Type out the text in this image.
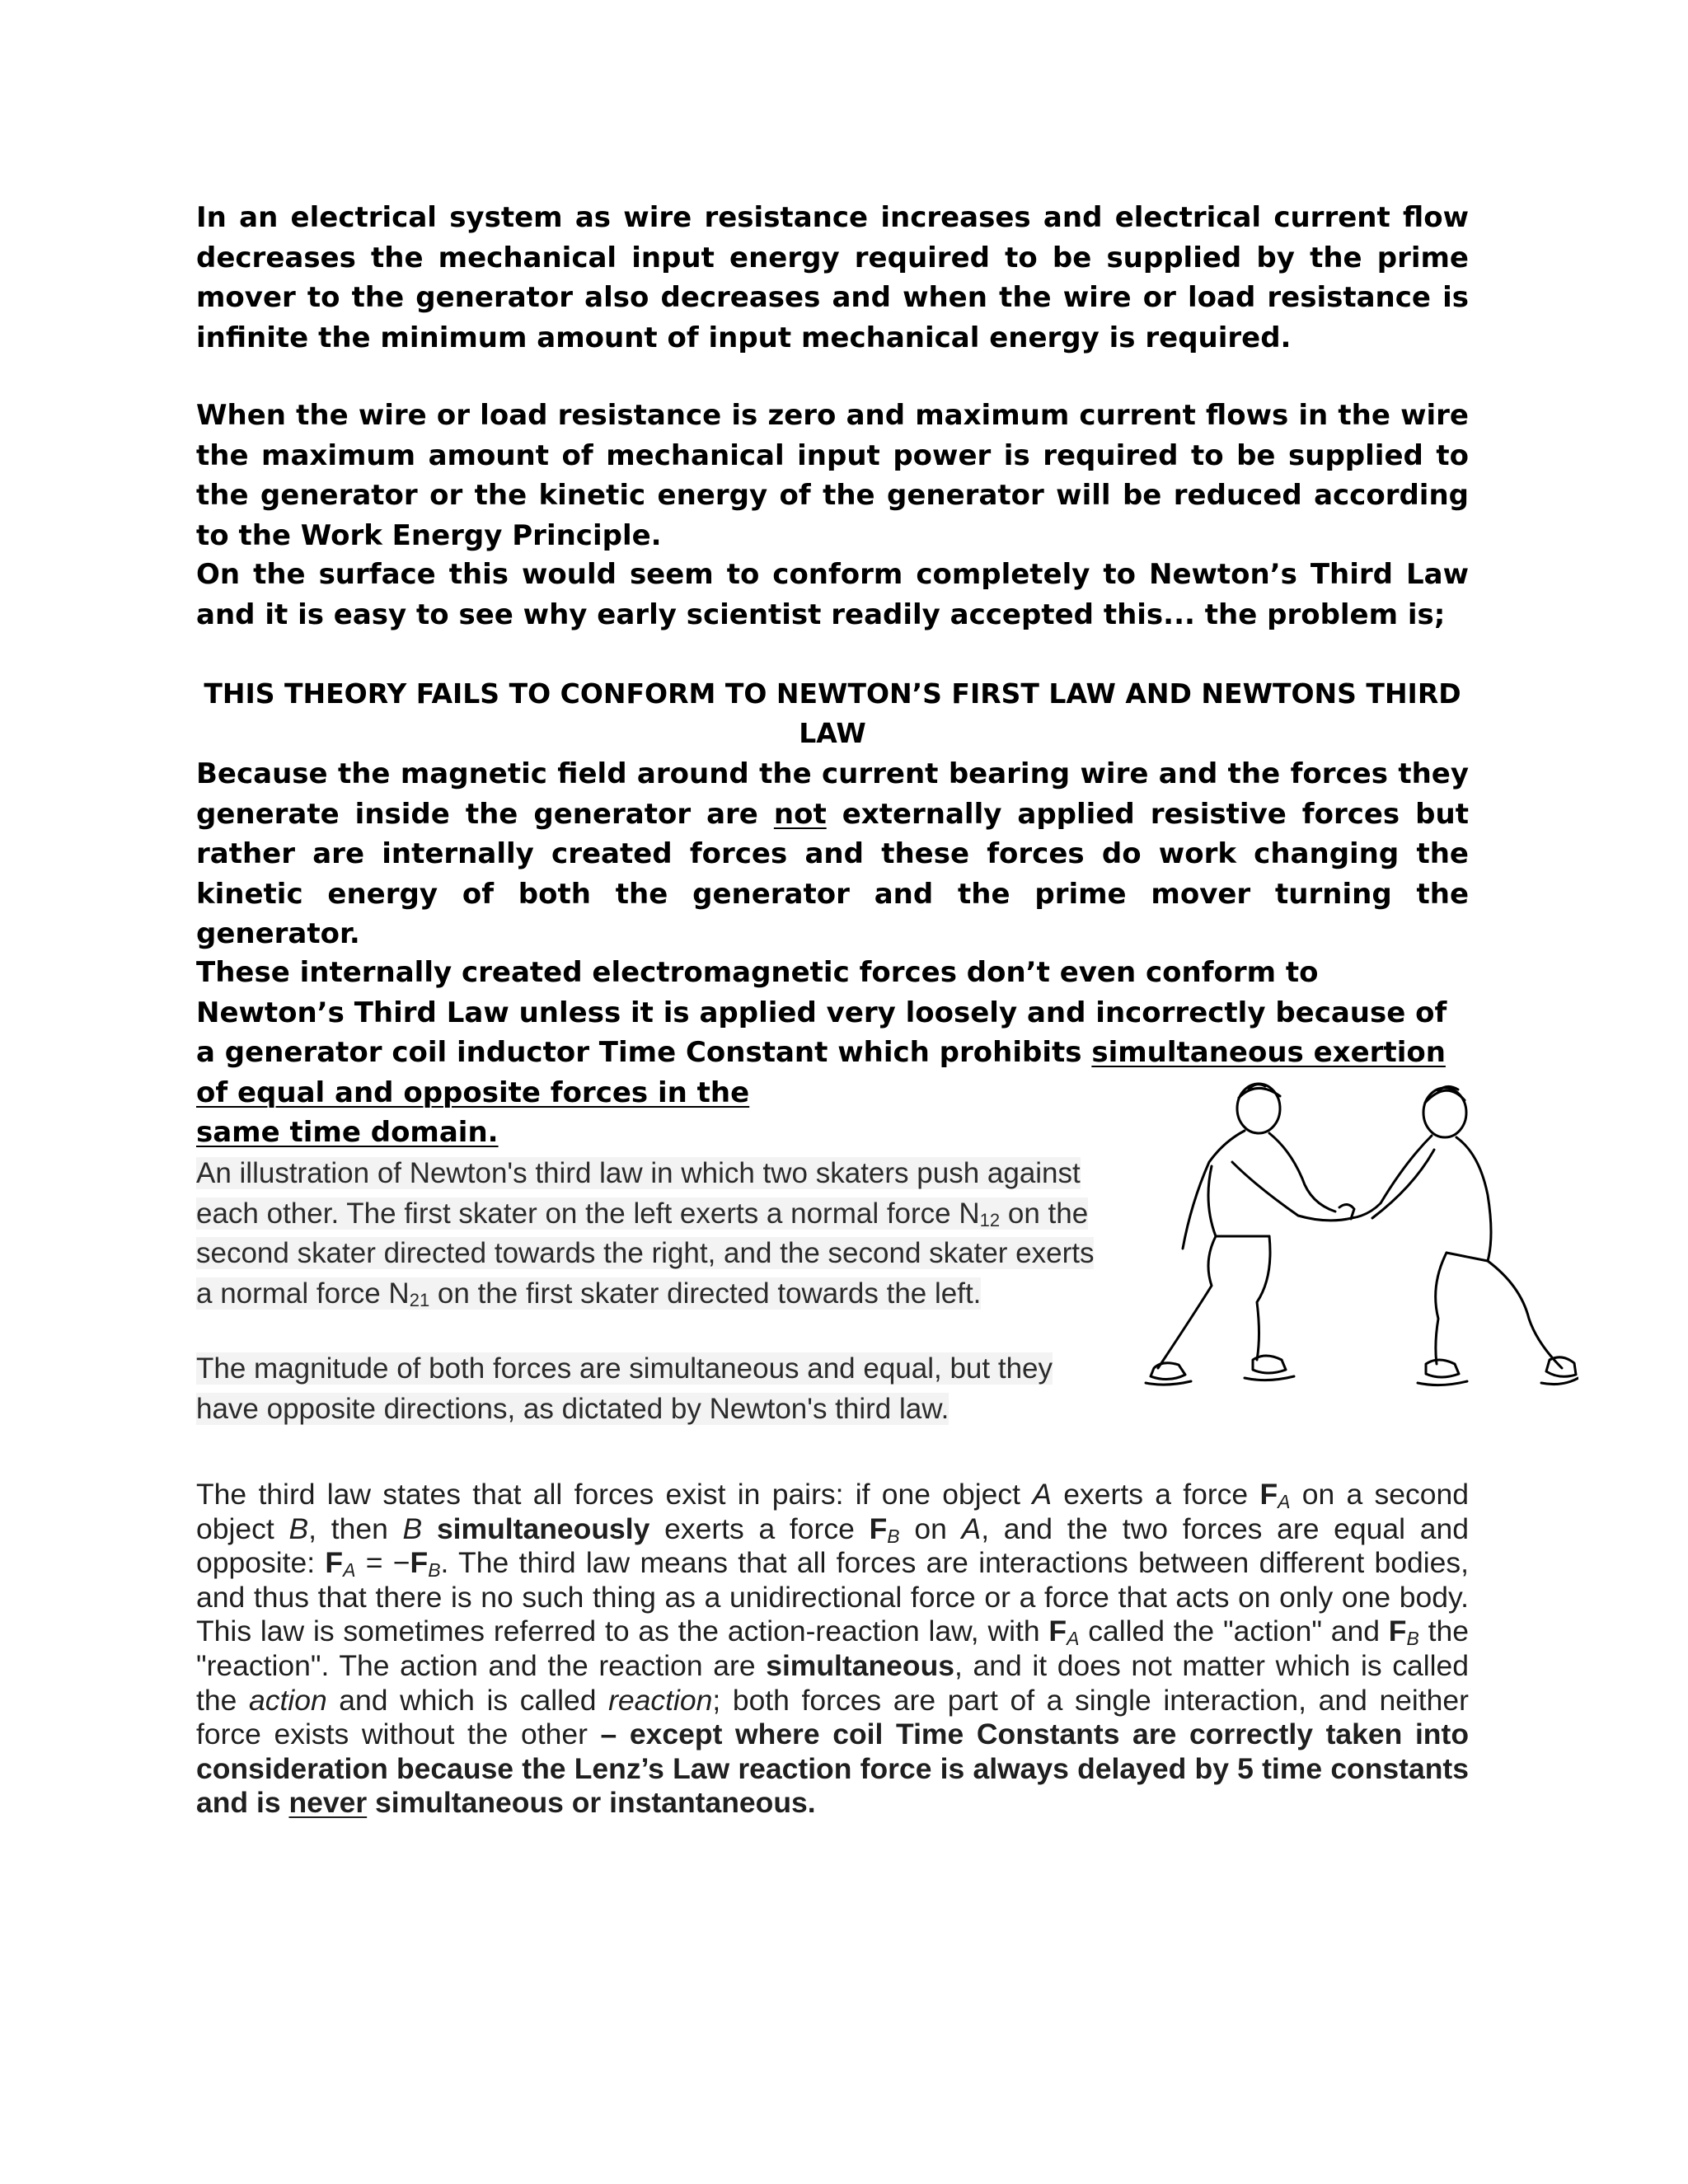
In an electrical system as wire resistance increases and electrical current flow decreases the mechanical input energy required to be supplied by the prime mover to the generator also decreases and when the wire or load resistance is infinite the minimum amount of input mechanical energy is required.

When the wire or load resistance is zero and maximum current flows in the wire the maximum amount of mechanical input power is required to be supplied to the generator or the kinetic energy of the generator will be reduced according to the Work Energy Principle.

On the surface this would seem to conform completely to Newton’s Third Law and it is easy to see why early scientist readily accepted this... the problem is;

THIS THEORY FAILS TO CONFORM TO NEWTON’S FIRST LAW AND NEWTONS THIRD LAW

Because the magnetic field around the current bearing wire and the forces they generate inside the generator are not externally applied resistive forces but rather are internally created forces and these forces do work changing the kinetic energy of both the generator and the prime mover turning the generator.

These internally created electromagnetic forces don’t even conform to Newton’s Third Law unless it is applied very loosely and incorrectly because of a generator coil inductor Time Constant which prohibits simultaneous exertion of equal and opposite forces in the
same time domain.

An illustration of Newton's third law in which two skaters push against
each other. The first skater on the left exerts a normal force $N_{12}$ on the
second skater directed towards the right, and the second skater exerts
a normal force $N_{21}$ on the first skater directed towards the left.
The magnitude of both forces are simultaneous and equal, but they
have opposite directions, as dictated by Newton's third law.

The third law states that all forces exist in pairs: if one object A exerts a force $F_A$ on a second object B, then B simultaneously exerts a force $F_B$ on A, and the two forces are equal and opposite: $F_A = -F_B$. The third law means that all forces are interactions between different bodies, and thus that there is no such thing as a unidirectional force or a force that acts on only one body. This law is sometimes referred to as the action-reaction law, with $F_A$ called the "action" and $F_B$ the "reaction". The action and the reaction are simultaneous, and it does not matter which is called the action and which is called reaction; both forces are part of a single interaction, and neither force exists without the other – except where coil Time Constants are correctly taken into consideration because the Lenz’s Law reaction force is always delayed by 5 time constants and is never simultaneous or instantaneous.
